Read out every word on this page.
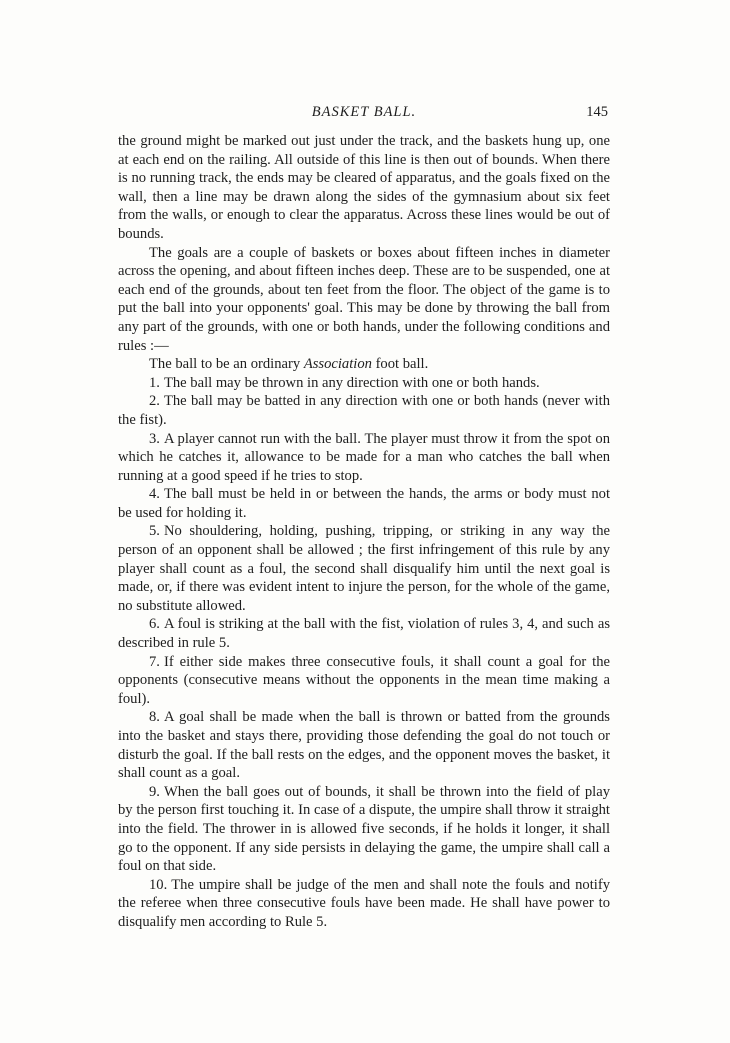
BASKET BALL.	145

the ground might be marked out just under the track, and the baskets hung up, one at each end on the railing. All outside of this line is then out of bounds. When there is no running track, the ends may be cleared of apparatus, and the goals fixed on the wall, then a line may be drawn along the sides of the gymnasium about six feet from the walls, or enough to clear the apparatus. Across these lines would be out of bounds.

The goals are a couple of baskets or boxes about fifteen inches in diameter across the opening, and about fifteen inches deep. These are to be suspended, one at each end of the grounds, about ten feet from the floor. The object of the game is to put the ball into your opponents' goal. This may be done by throwing the ball from any part of the grounds, with one or both hands, under the following conditions and rules :—

The ball to be an ordinary Association foot ball.

1. The ball may be thrown in any direction with one or both hands.

2. The ball may be batted in any direction with one or both hands (never with the fist).

3. A player cannot run with the ball. The player must throw it from the spot on which he catches it, allowance to be made for a man who catches the ball when running at a good speed if he tries to stop.

4. The ball must be held in or between the hands, the arms or body must not be used for holding it.

5. No shouldering, holding, pushing, tripping, or striking in any way the person of an opponent shall be allowed ; the first infringement of this rule by any player shall count as a foul, the second shall disqualify him until the next goal is made, or, if there was evident intent to injure the person, for the whole of the game, no substitute allowed.

6. A foul is striking at the ball with the fist, violation of rules 3, 4, and such as described in rule 5.

7. If either side makes three consecutive fouls, it shall count a goal for the opponents (consecutive means without the opponents in the mean time making a foul).

8. A goal shall be made when the ball is thrown or batted from the grounds into the basket and stays there, providing those defending the goal do not touch or disturb the goal. If the ball rests on the edges, and the opponent moves the basket, it shall count as a goal.

9. When the ball goes out of bounds, it shall be thrown into the field of play by the person first touching it. In case of a dispute, the umpire shall throw it straight into the field. The thrower in is allowed five seconds, if he holds it longer, it shall go to the opponent. If any side persists in delaying the game, the umpire shall call a foul on that side.

10. The umpire shall be judge of the men and shall note the fouls and notify the referee when three consecutive fouls have been made. He shall have power to disqualify men according to Rule 5.
